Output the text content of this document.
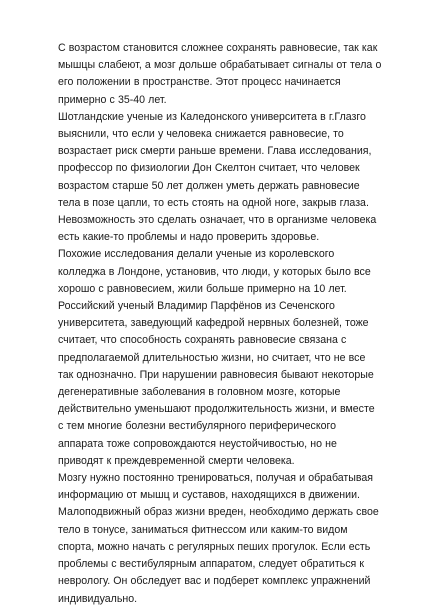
С возрастом становится сложнее сохранять равновесие, так как мышцы слабеют, а мозг дольше обрабатывает сигналы от тела о его положении в пространстве. Этот процесс начинается примерно с 35-40 лет.

Шотландские ученые из Каледонского университета в г.Глазго выяснили, что если у человека снижается равновесие, то возрастает риск смерти раньше времени. Глава исследования, профессор по физиологии Дон Скелтон считает, что человек возрастом старше 50 лет должен уметь держать равновесие тела в позе цапли, то есть стоять на одной ноге, закрыв глаза. Невозможность это сделать означает, что в организме человека есть какие-то проблемы и надо проверить здоровье.

Похожие исследования делали ученые из королевского колледжа в Лондоне, установив, что люди, у которых было все хорошо с равновесием, жили больше примерно на 10 лет. Российский ученый Владимир Парфёнов из Сеченского университета, заведующий кафедрой нервных болезней, тоже считает, что способность сохранять равновесие связана с предполагаемой длительностью жизни, но считает, что не все так однозначно. При нарушении равновесия бывают некоторые дегенеративные заболевания в головном мозге, которые действительно уменьшают продолжительность жизни, и вместе с тем многие болезни вестибулярного периферического аппарата тоже сопровождаются неустойчивостью, но не приводят к преждевременной смерти человека.

Мозгу нужно постоянно тренироваться, получая и обрабатывая информацию от мышц и суставов, находящихся в движении. Малоподвижный образ жизни вреден, необходимо держать свое тело в тонусе, заниматься фитнессом или каким-то видом спорта, можно начать с регулярных пеших прогулок. Если есть проблемы с вестибулярным аппаратом, следует обратиться к неврологу. Он обследует вас и подберет комплекс упражнений индивидуально.
